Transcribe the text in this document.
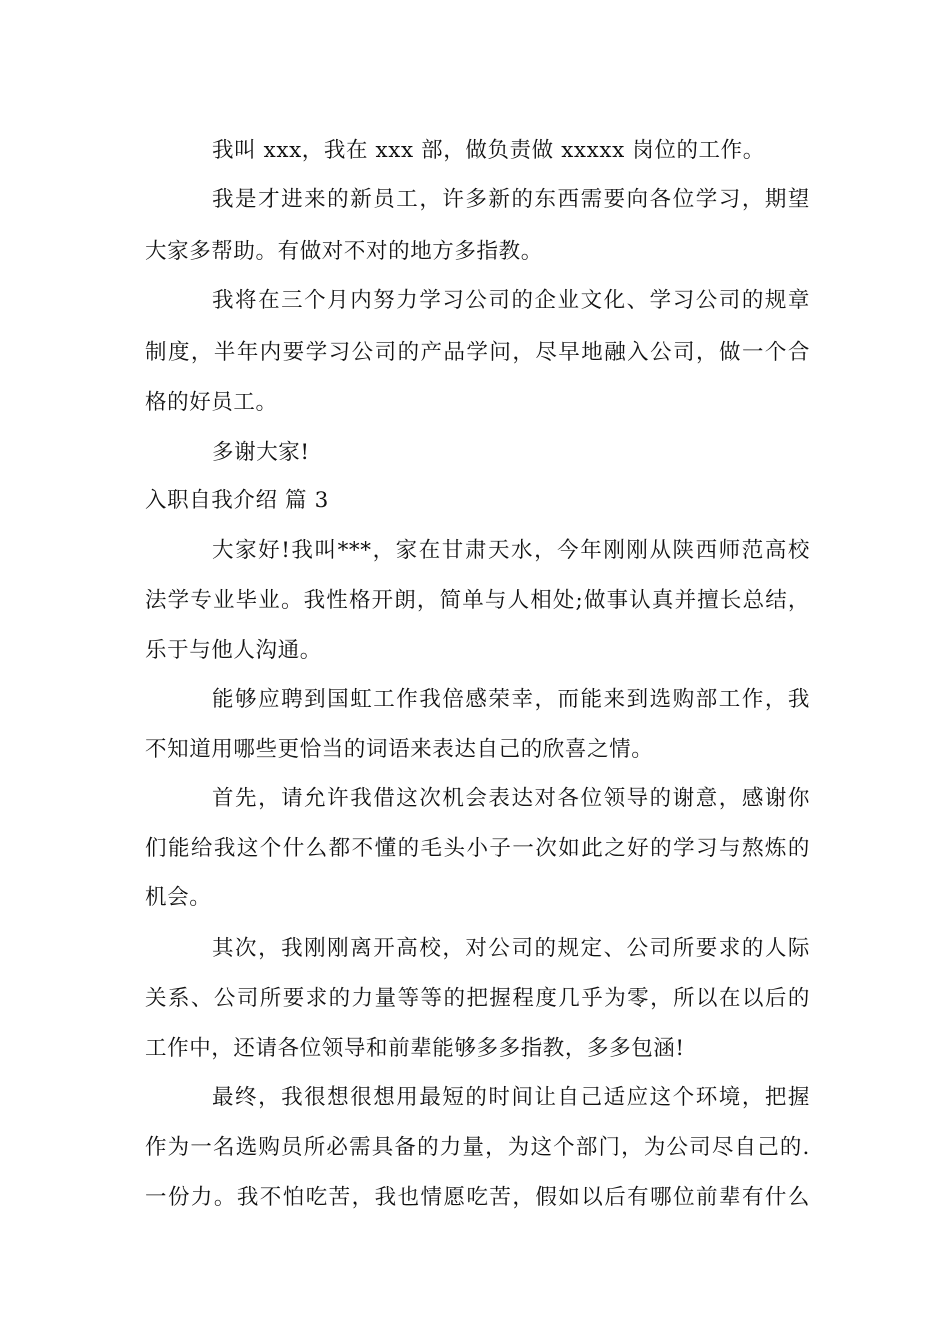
我叫 xxx，我在 xxx 部，做负责做 xxxxx 岗位的工作。
我是才进来的新员工，许多新的东西需要向各位学习，期望
大家多帮助。有做对不对的地方多指教。
我将在三个月内努力学习公司的企业文化、学习公司的规章
制度，半年内要学习公司的产品学问，尽早地融入公司，做一个合
格的好员工。
多谢大家!
入职自我介绍 篇 3
大家好!我叫***，家在甘肃天水，今年刚刚从陕西师范高校
法学专业毕业。我性格开朗，简单与人相处;做事认真并擅长总结，
乐于与他人沟通。
能够应聘到国虹工作我倍感荣幸，而能来到选购部工作，我
不知道用哪些更恰当的词语来表达自己的欣喜之情。
首先，请允许我借这次机会表达对各位领导的谢意，感谢你
们能给我这个什么都不懂的毛头小子一次如此之好的学习与熬炼的
机会。
其次，我刚刚离开高校，对公司的规定、公司所要求的人际
关系、公司所要求的力量等等的把握程度几乎为零，所以在以后的
工作中，还请各位领导和前辈能够多多指教，多多包涵!
最终，我很想很想用最短的时间让自己适应这个环境，把握
作为一名选购员所必需具备的力量，为这个部门，为公司尽自己的.
一份力。我不怕吃苦，我也情愿吃苦，假如以后有哪位前辈有什么
